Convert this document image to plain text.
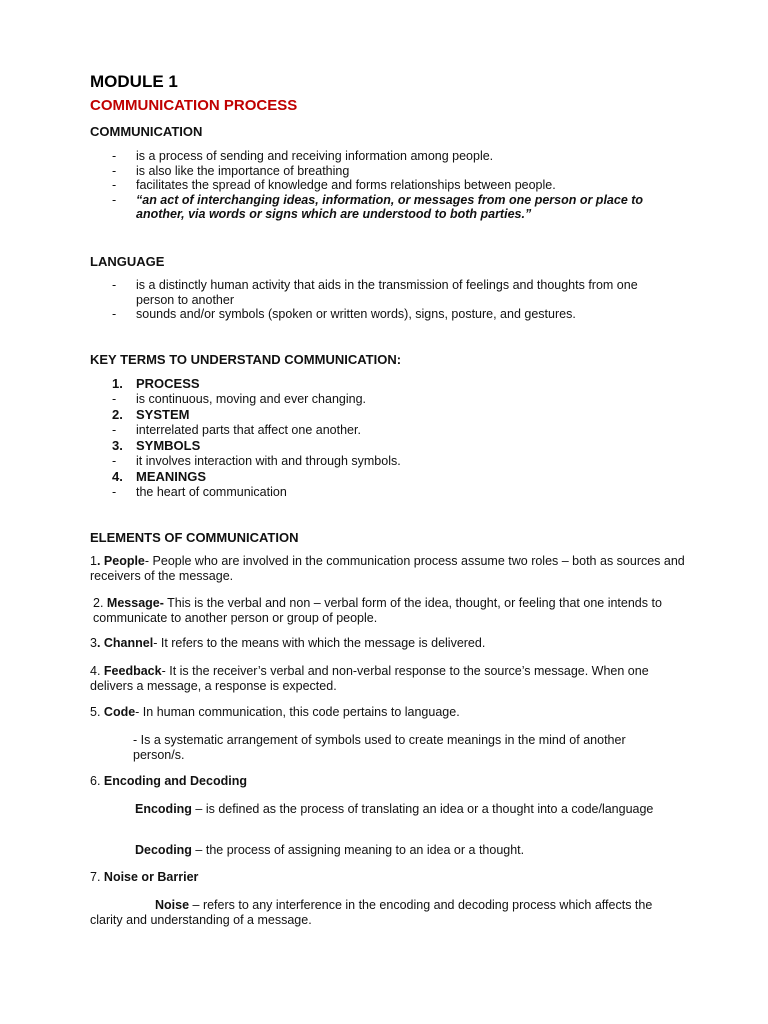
MODULE 1
COMMUNICATION PROCESS
COMMUNICATION
- is a process of sending and receiving information among people.
- is also like the importance of breathing
- facilitates the spread of knowledge and forms relationships between people.
- “an act of interchanging ideas, information, or messages from one person or place to another, via words or signs which are understood to both parties.”
LANGUAGE
- is a distinctly human activity that aids in the transmission of feelings and thoughts from one person to another
- sounds and/or symbols (spoken or written words), signs, posture, and gestures.
KEY TERMS TO UNDERSTAND COMMUNICATION:
1. PROCESS
- is continuous, moving and ever changing.
2. SYSTEM
- interrelated parts that affect one another.
3. SYMBOLS
- it involves interaction with and through symbols.
4. MEANINGS
- the heart of communication
ELEMENTS OF COMMUNICATION
1. People- People who are involved in the communication process assume two roles – both as sources and receivers of the message.
2. Message- This is the verbal and non – verbal form of the idea, thought, or feeling that one intends to communicate to another person or group of people.
3. Channel- It refers to the means with which the message is delivered.
4. Feedback- It is the receiver’s verbal and non-verbal response to the source’s message. When one delivers a message, a response is expected.
5. Code- In human communication, this code pertains to language.
- Is a systematic arrangement of symbols used to create meanings in the mind of another person/s.
6. Encoding and Decoding
Encoding – is defined as the process of translating an idea or a thought into a code/language
Decoding – the process of assigning meaning to an idea or a thought.
7. Noise or Barrier
Noise – refers to any interference in the encoding and decoding process which affects the clarity and understanding of a message.
